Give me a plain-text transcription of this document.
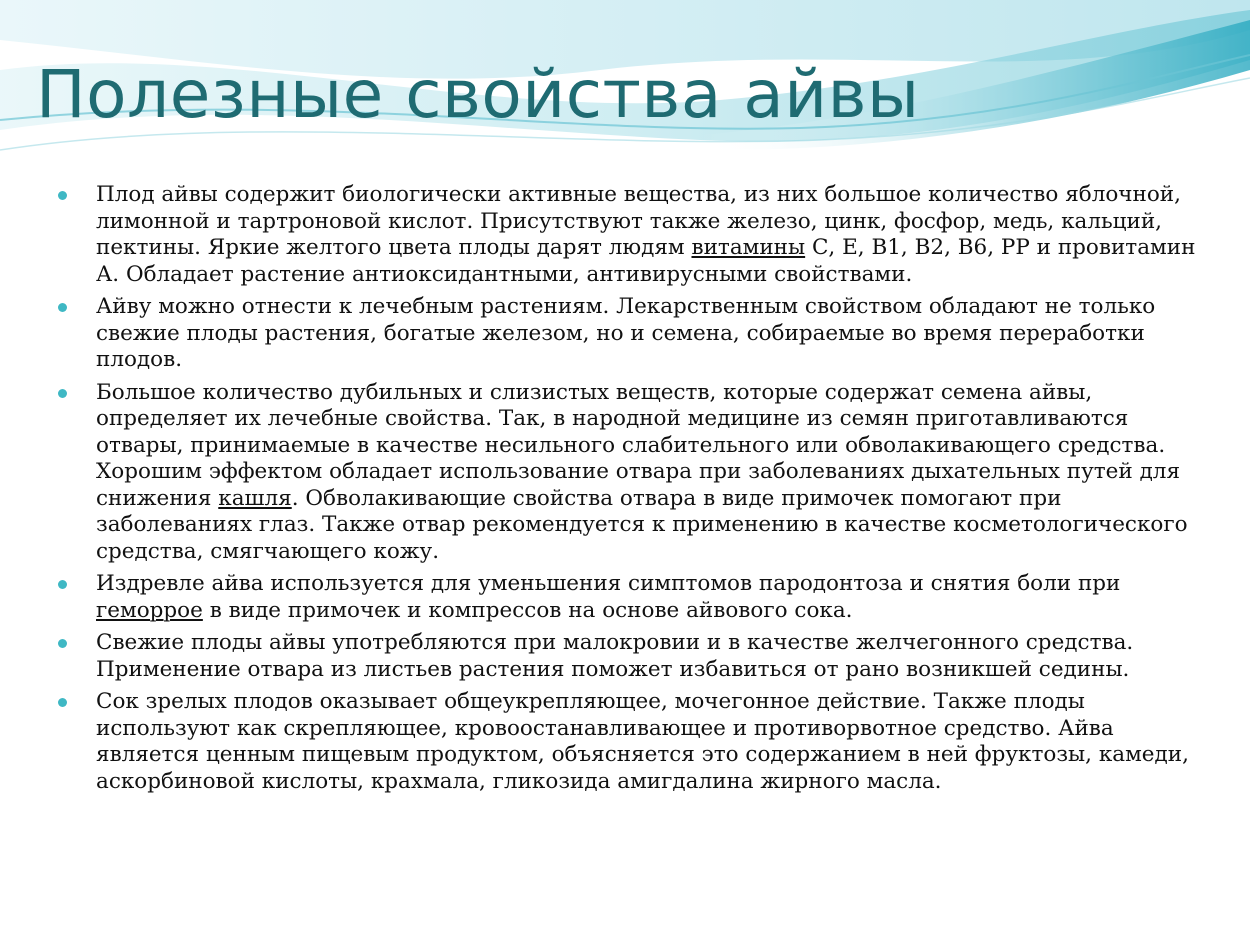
Полезные свойства айвы
Плод айвы содержит биологически активные вещества, из них большое количество яблочной, лимонной и тартроновой кислот. Присутствуют также железо, цинк, фосфор, медь, кальций, пектины. Яркие желтого цвета плоды дарят людям витамины С, Е, В1, В2, В6, РР и провитамин А. Обладает растение антиоксидантными, антивирусными свойствами.
Айву можно отнести к лечебным растениям. Лекарственным свойством обладают не только свежие плоды растения, богатые железом, но и семена, собираемые во время переработки плодов.
Большое количество дубильных и слизистых веществ, которые содержат семена айвы, определяет их лечебные свойства. Так, в народной медицине из семян приготавливаются отвары, принимаемые в качестве несильного слабительного или обволакивающего средства. Хорошим эффектом обладает использование отвара при заболеваниях дыхательных путей для снижения кашля. Обволакивающие свойства отвара в виде примочек помогают при заболеваниях глаз. Также отвар рекомендуется к применению в качестве косметологического средства, смягчающего кожу.
Издревле айва используется для уменьшения симптомов пародонтоза и снятия боли при геморрое в виде примочек и компрессов на основе айвового сока.
Свежие плоды айвы употребляются при малокровии и в качестве желчегонного средства. Применение отвара из листьев растения поможет избавиться от рано возникшей седины.
Сок зрелых плодов оказывает общеукрепляющее, мочегонное действие. Также плоды используют как скрепляющее, кровоостанавливающее и противорвотное средство. Айва является ценным пищевым продуктом, объясняется это содержанием в ней фруктозы, камеди, аскорбиновой кислоты, крахмала, гликозида амигдалина жирного масла.
